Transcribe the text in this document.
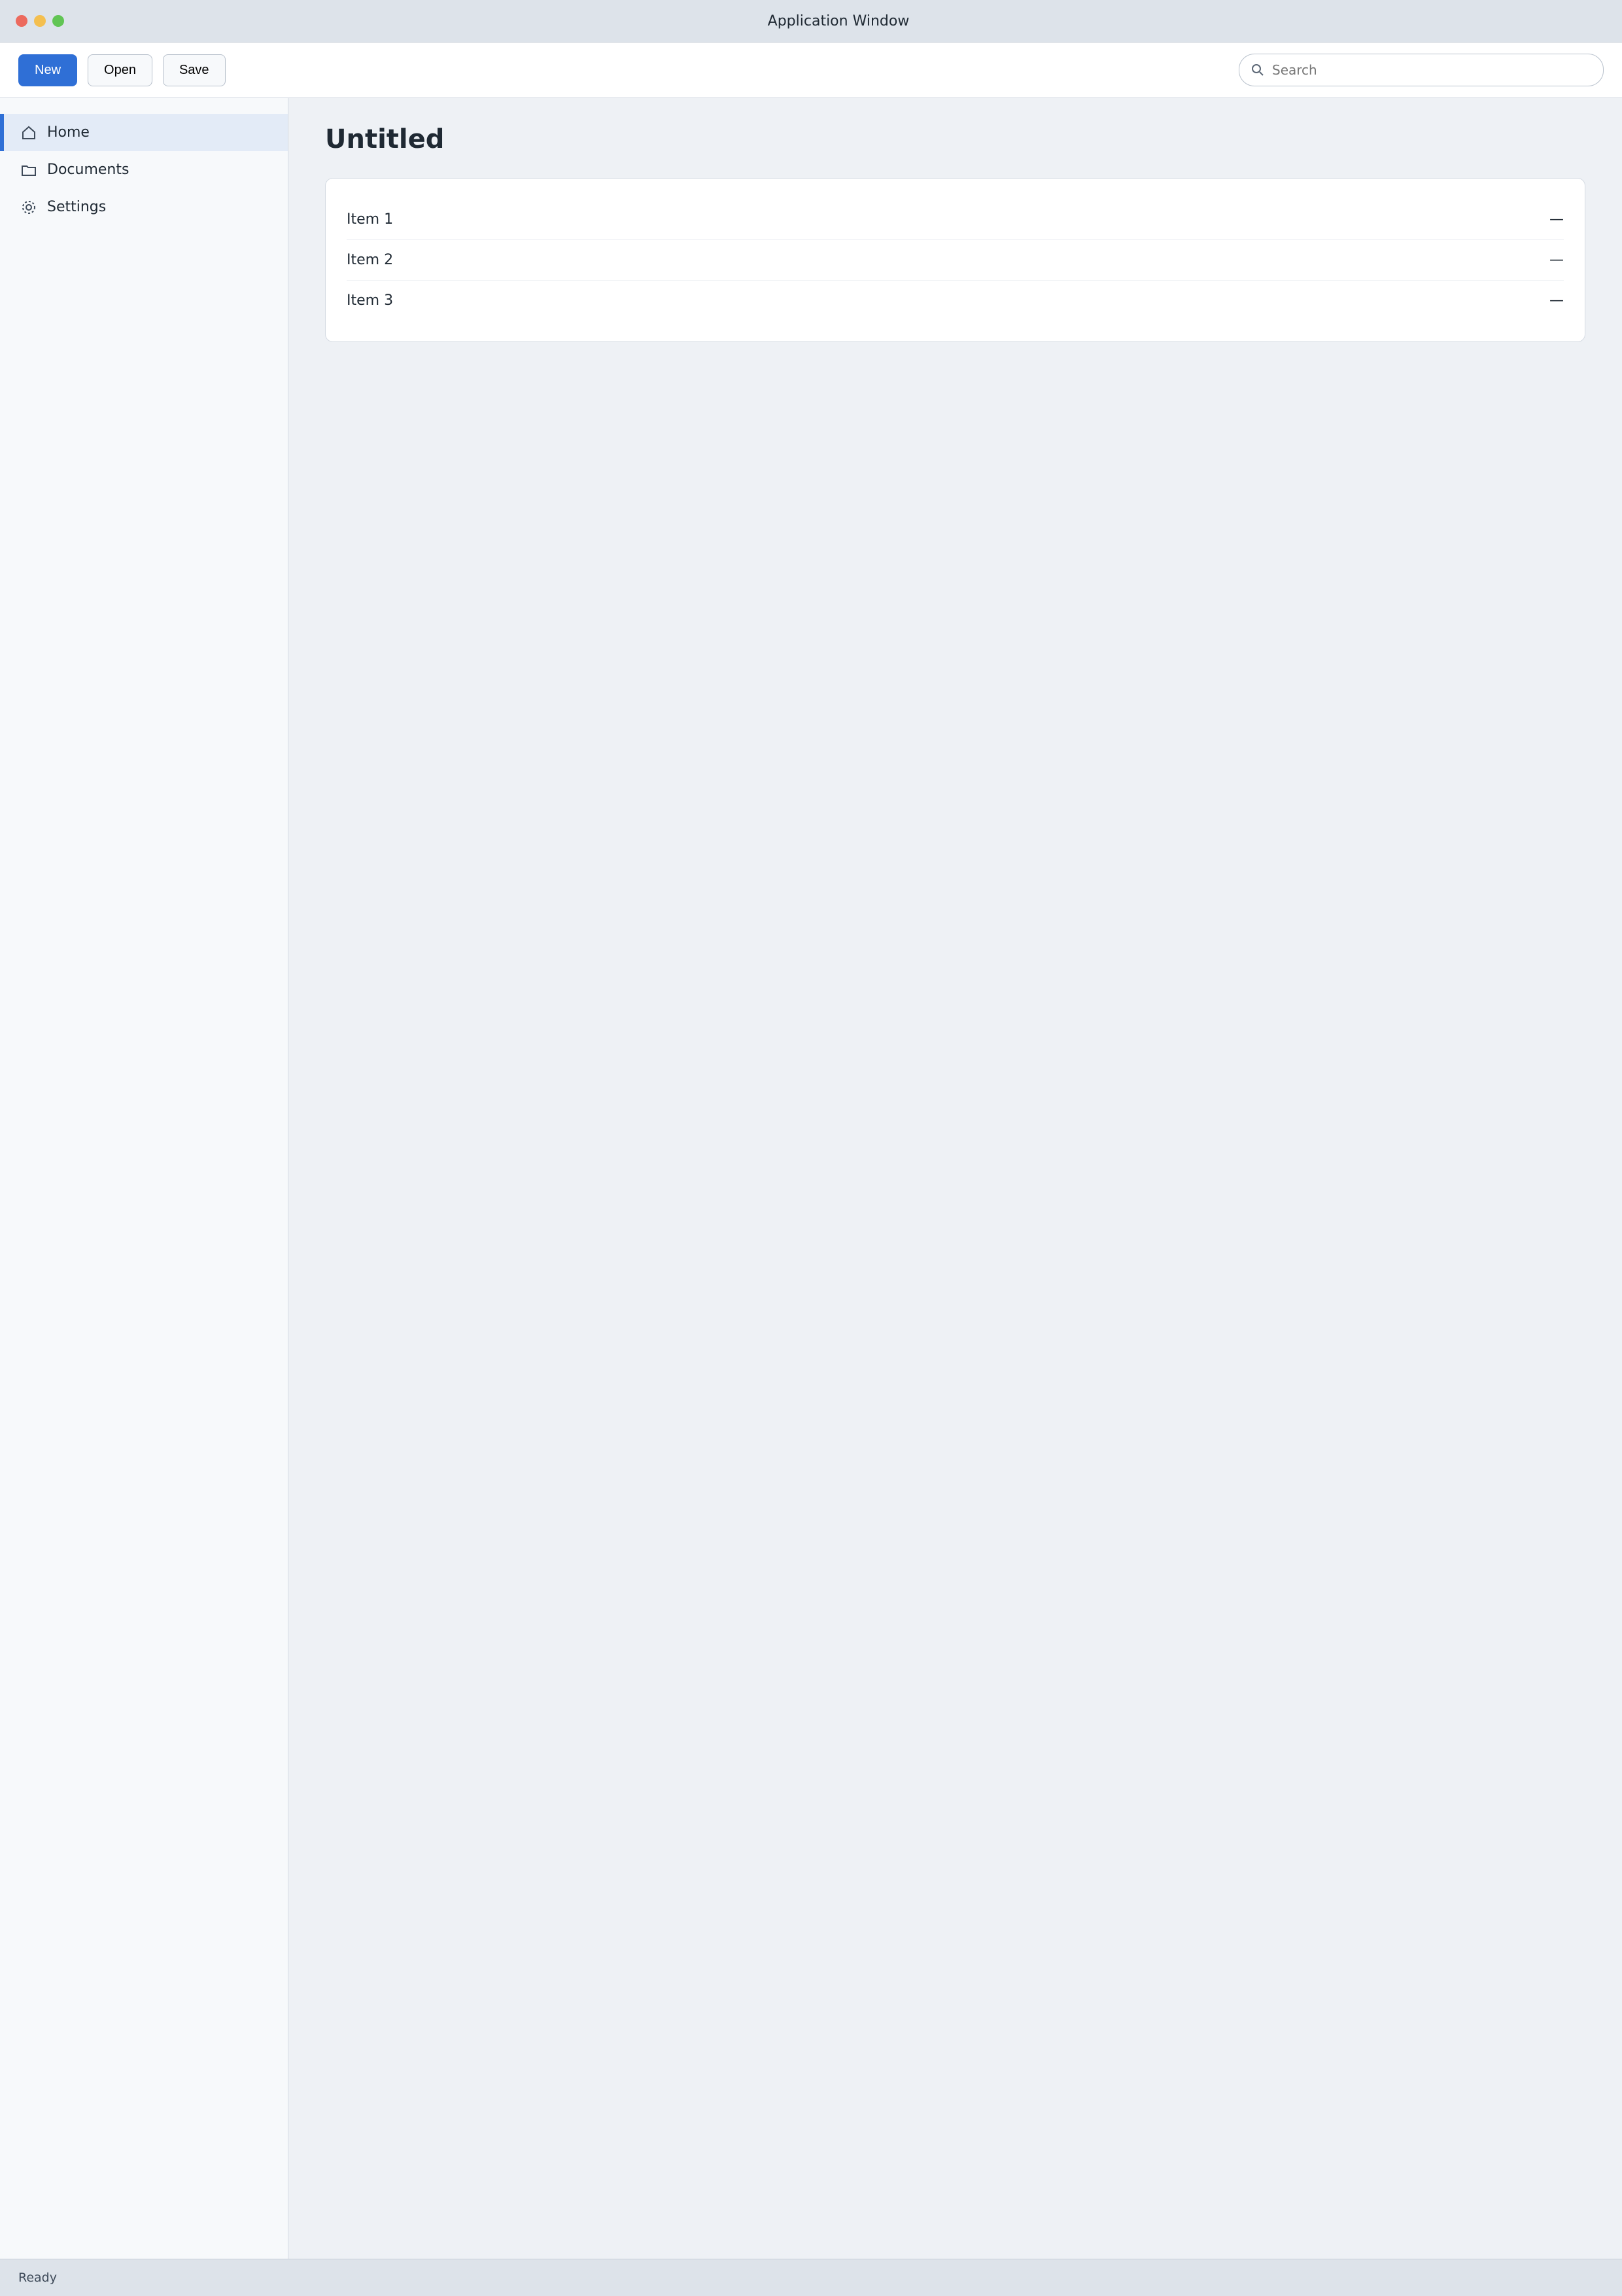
Application Window
New	Open	Save
Search
Home
Documents
Settings
Untitled
Item 1	—
Item 2	—
Item 3	—
Ready
